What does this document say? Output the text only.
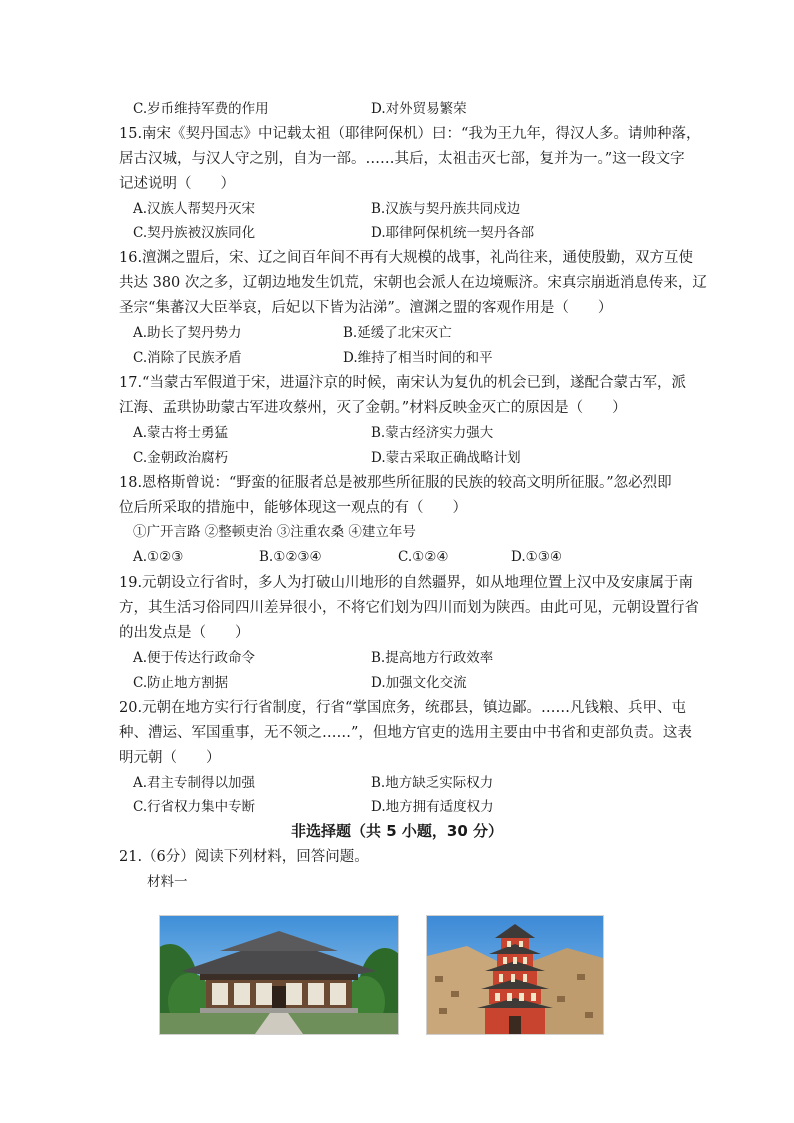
C.岁币维持军费的作用	D.对外贸易繁荣
15.南宋《契丹国志》中记载太祖（耶律阿保机）曰：“我为王九年，得汉人多。请帅种落，
居古汉城，与汉人守之别，自为一部。……其后，太祖击灭七部，复并为一。”这一段文字
记述说明（　　）
A.汉族人帮契丹灭宋	B.汉族与契丹族共同戍边
C.契丹族被汉族同化	D.耶律阿保机统一契丹各部
16.澶渊之盟后，宋、辽之间百年间不再有大规模的战事，礼尚往来，通使殷勤，双方互使
共达 380 次之多，辽朝边地发生饥荒，宋朝也会派人在边境赈济。宋真宗崩逝消息传来，辽
圣宗“集蕃汉大臣举哀，后妃以下皆为沾涕”。澶渊之盟的客观作用是（　　）
A.助长了契丹势力	B.延缓了北宋灭亡
C.消除了民族矛盾	D.维持了相当时间的和平
17.“当蒙古军假道于宋，进逼汴京的时候，南宋认为复仇的机会已到，遂配合蒙古军，派
江海、孟珙协助蒙古军进攻蔡州，灭了金朝。”材料反映金灭亡的原因是（　　）
A.蒙古将士勇猛	B.蒙古经济实力强大
C.金朝政治腐朽	D.蒙古采取正确战略计划
18.恩格斯曾说：“野蛮的征服者总是被那些所征服的民族的较高文明所征服。”忽必烈即
位后所采取的措施中，能够体现这一观点的有（　　）
①广开言路 ②整顿吏治 ③注重农桑 ④建立年号
A.①②③	B.①②③④	C.①②④	D.①③④
19.元朝设立行省时，多人为打破山川地形的自然疆界，如从地理位置上汉中及安康属于南
方，其生活习俗同四川差异很小，不将它们划为四川而划为陕西。由此可见，元朝设置行省
的出发点是（　　）
A.便于传达行政命令	B.提高地方行政效率
C.防止地方割据	D.加强文化交流
20.元朝在地方实行行省制度，行省“掌国庶务，统郡县，镇边鄙。……凡钱粮、兵甲、屯
种、漕运、军国重事，无不领之……”，但地方官吏的选用主要由中书省和吏部负责。这表
明元朝（　　）
A.君主专制得以加强	B.地方缺乏实际权力
C.行省权力集中专断	D.地方拥有适度权力
非选择题（共 5 小题，30 分）
21.（6分）阅读下列材料，回答问题。
材料一
